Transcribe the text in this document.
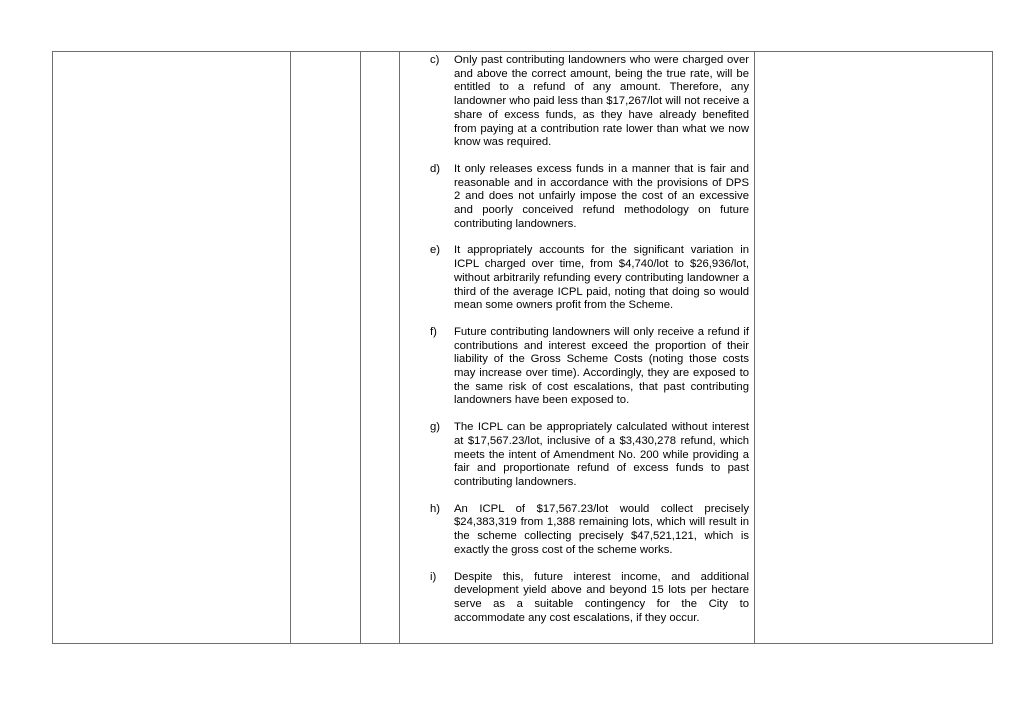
c) Only past contributing landowners who were charged over and above the correct amount, being the true rate, will be entitled to a refund of any amount. Therefore, any landowner who paid less than $17,267/lot will not receive a share of excess funds, as they have already benefited from paying at a contribution rate lower than what we now know was required.
d) It only releases excess funds in a manner that is fair and reasonable and in accordance with the provisions of DPS 2 and does not unfairly impose the cost of an excessive and poorly conceived refund methodology on future contributing landowners.
e) It appropriately accounts for the significant variation in ICPL charged over time, from $4,740/lot to $26,936/lot, without arbitrarily refunding every contributing landowner a third of the average ICPL paid, noting that doing so would mean some owners profit from the Scheme.
f) Future contributing landowners will only receive a refund if contributions and interest exceed the proportion of their liability of the Gross Scheme Costs (noting those costs may increase over time). Accordingly, they are exposed to the same risk of cost escalations, that past contributing landowners have been exposed to.
g) The ICPL can be appropriately calculated without interest at $17,567.23/lot, inclusive of a $3,430,278 refund, which meets the intent of Amendment No. 200 while providing a fair and proportionate refund of excess funds to past contributing landowners.
h) An ICPL of $17,567.23/lot would collect precisely $24,383,319 from 1,388 remaining lots, which will result in the scheme collecting precisely $47,521,121, which is exactly the gross cost of the scheme works.
i) Despite this, future interest income, and additional development yield above and beyond 15 lots per hectare serve as a suitable contingency for the City to accommodate any cost escalations, if they occur.
